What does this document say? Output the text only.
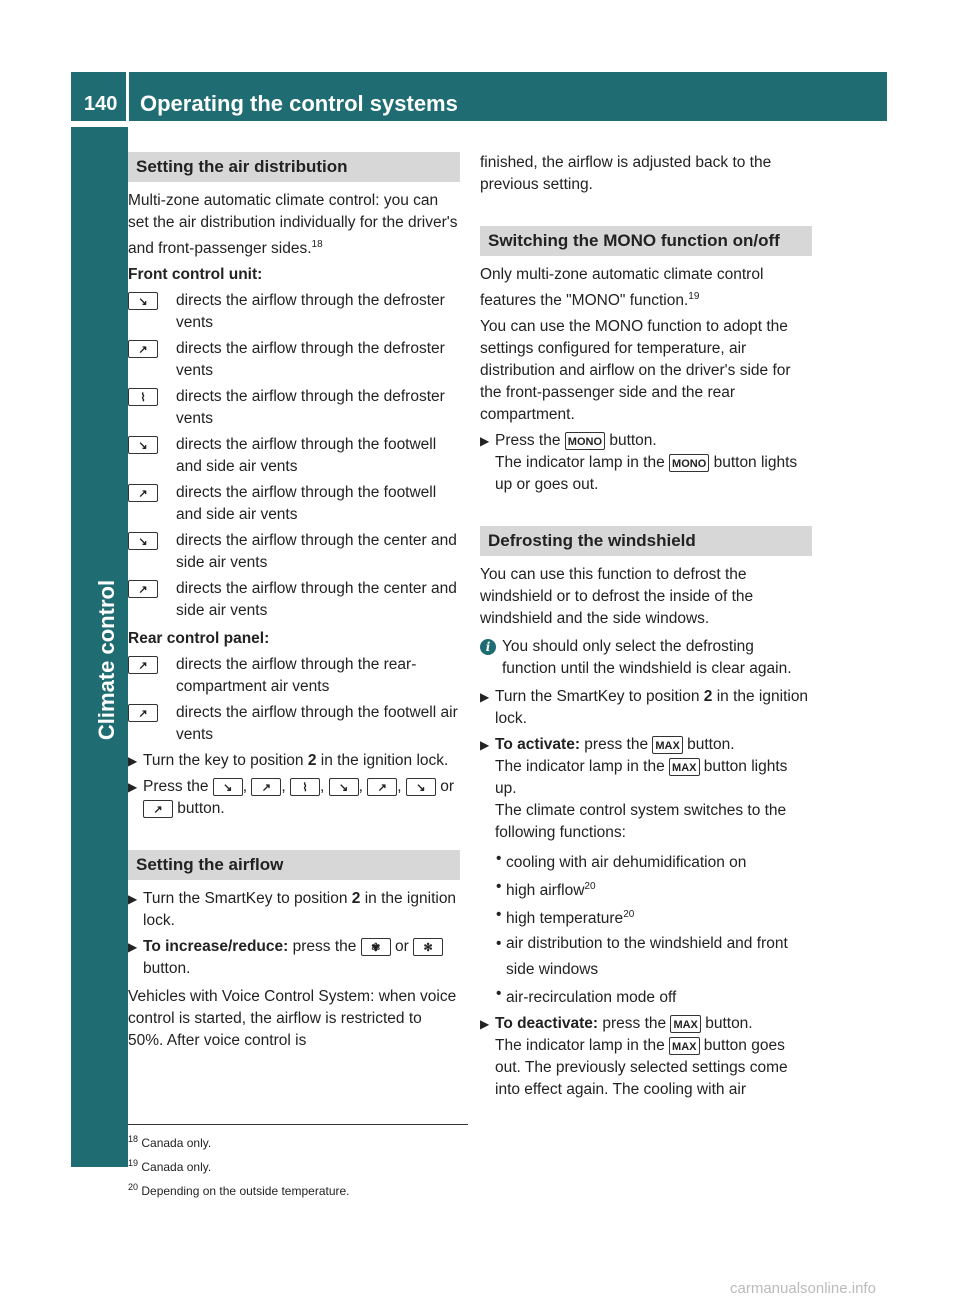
140 Operating the control systems
Climate control
Setting the air distribution

Multi-zone automatic climate control: you can set the air distribution individually for the driver's and front-passenger sides.$^{18}$

Front control unit:

↘	directs the airflow through the defroster vents
↗	directs the airflow through the defroster vents
⌇	directs the airflow through the defroster vents
↘	directs the airflow through the footwell and side air vents
↗	directs the airflow through the footwell and side air vents
↘	directs the airflow through the center and side air vents
↗	directs the airflow through the center and side air vents

Rear control panel:

↗	directs the airflow through the rear-compartment air vents
↗	directs the airflow through the footwell air vents
▶ Turn the key to position 2 in the ignition lock.
▶ Press the ↘ , ↗ , ⌇ , ↘ , ↗ , ↘ or ↗ button.
Setting the airflow
▶ Turn the SmartKey to position 2 in the ignition lock.
▶ To increase/reduce: press the ✾ or ✻ button.

Vehicles with Voice Control System: when voice control is started, the airflow is restricted to 50%. After voice control is

finished, the airflow is adjusted back to the previous setting.

Switching the MONO function on/off

Only multi-zone automatic climate control features the "MONO" function.$^{19}$

You can use the MONO function to adopt the settings configured for temperature, air distribution and airflow on the driver's side for the front-passenger side and the rear compartment.

▶ Press the MONO button.
The indicator lamp in the MONO button lights up or goes out.
Defrosting the windshield

You can use this function to defrost the windshield or to defrost the inside of the windshield and the side windows.

i You should only select the defrosting function until the windshield is clear again.
▶ Turn the SmartKey to position 2 in the ignition lock.
▶ To activate: press the MAX button.
The indicator lamp in the MAX button lights up.
The climate control system switches to the following functions:
• cooling with air dehumidification on
• high airflow$^{20}$
• high temperature$^{20}$
• air distribution to the windshield and front side windows
• air-recirculation mode off
▶ To deactivate: press the MAX button.
The indicator lamp in the MAX button goes out. The previously selected settings come into effect again. The cooling with air
$^{18}$ Canada only.
$^{19}$ Canada only.
$^{20}$ Depending on the outside temperature.
carmanualsonline.info
